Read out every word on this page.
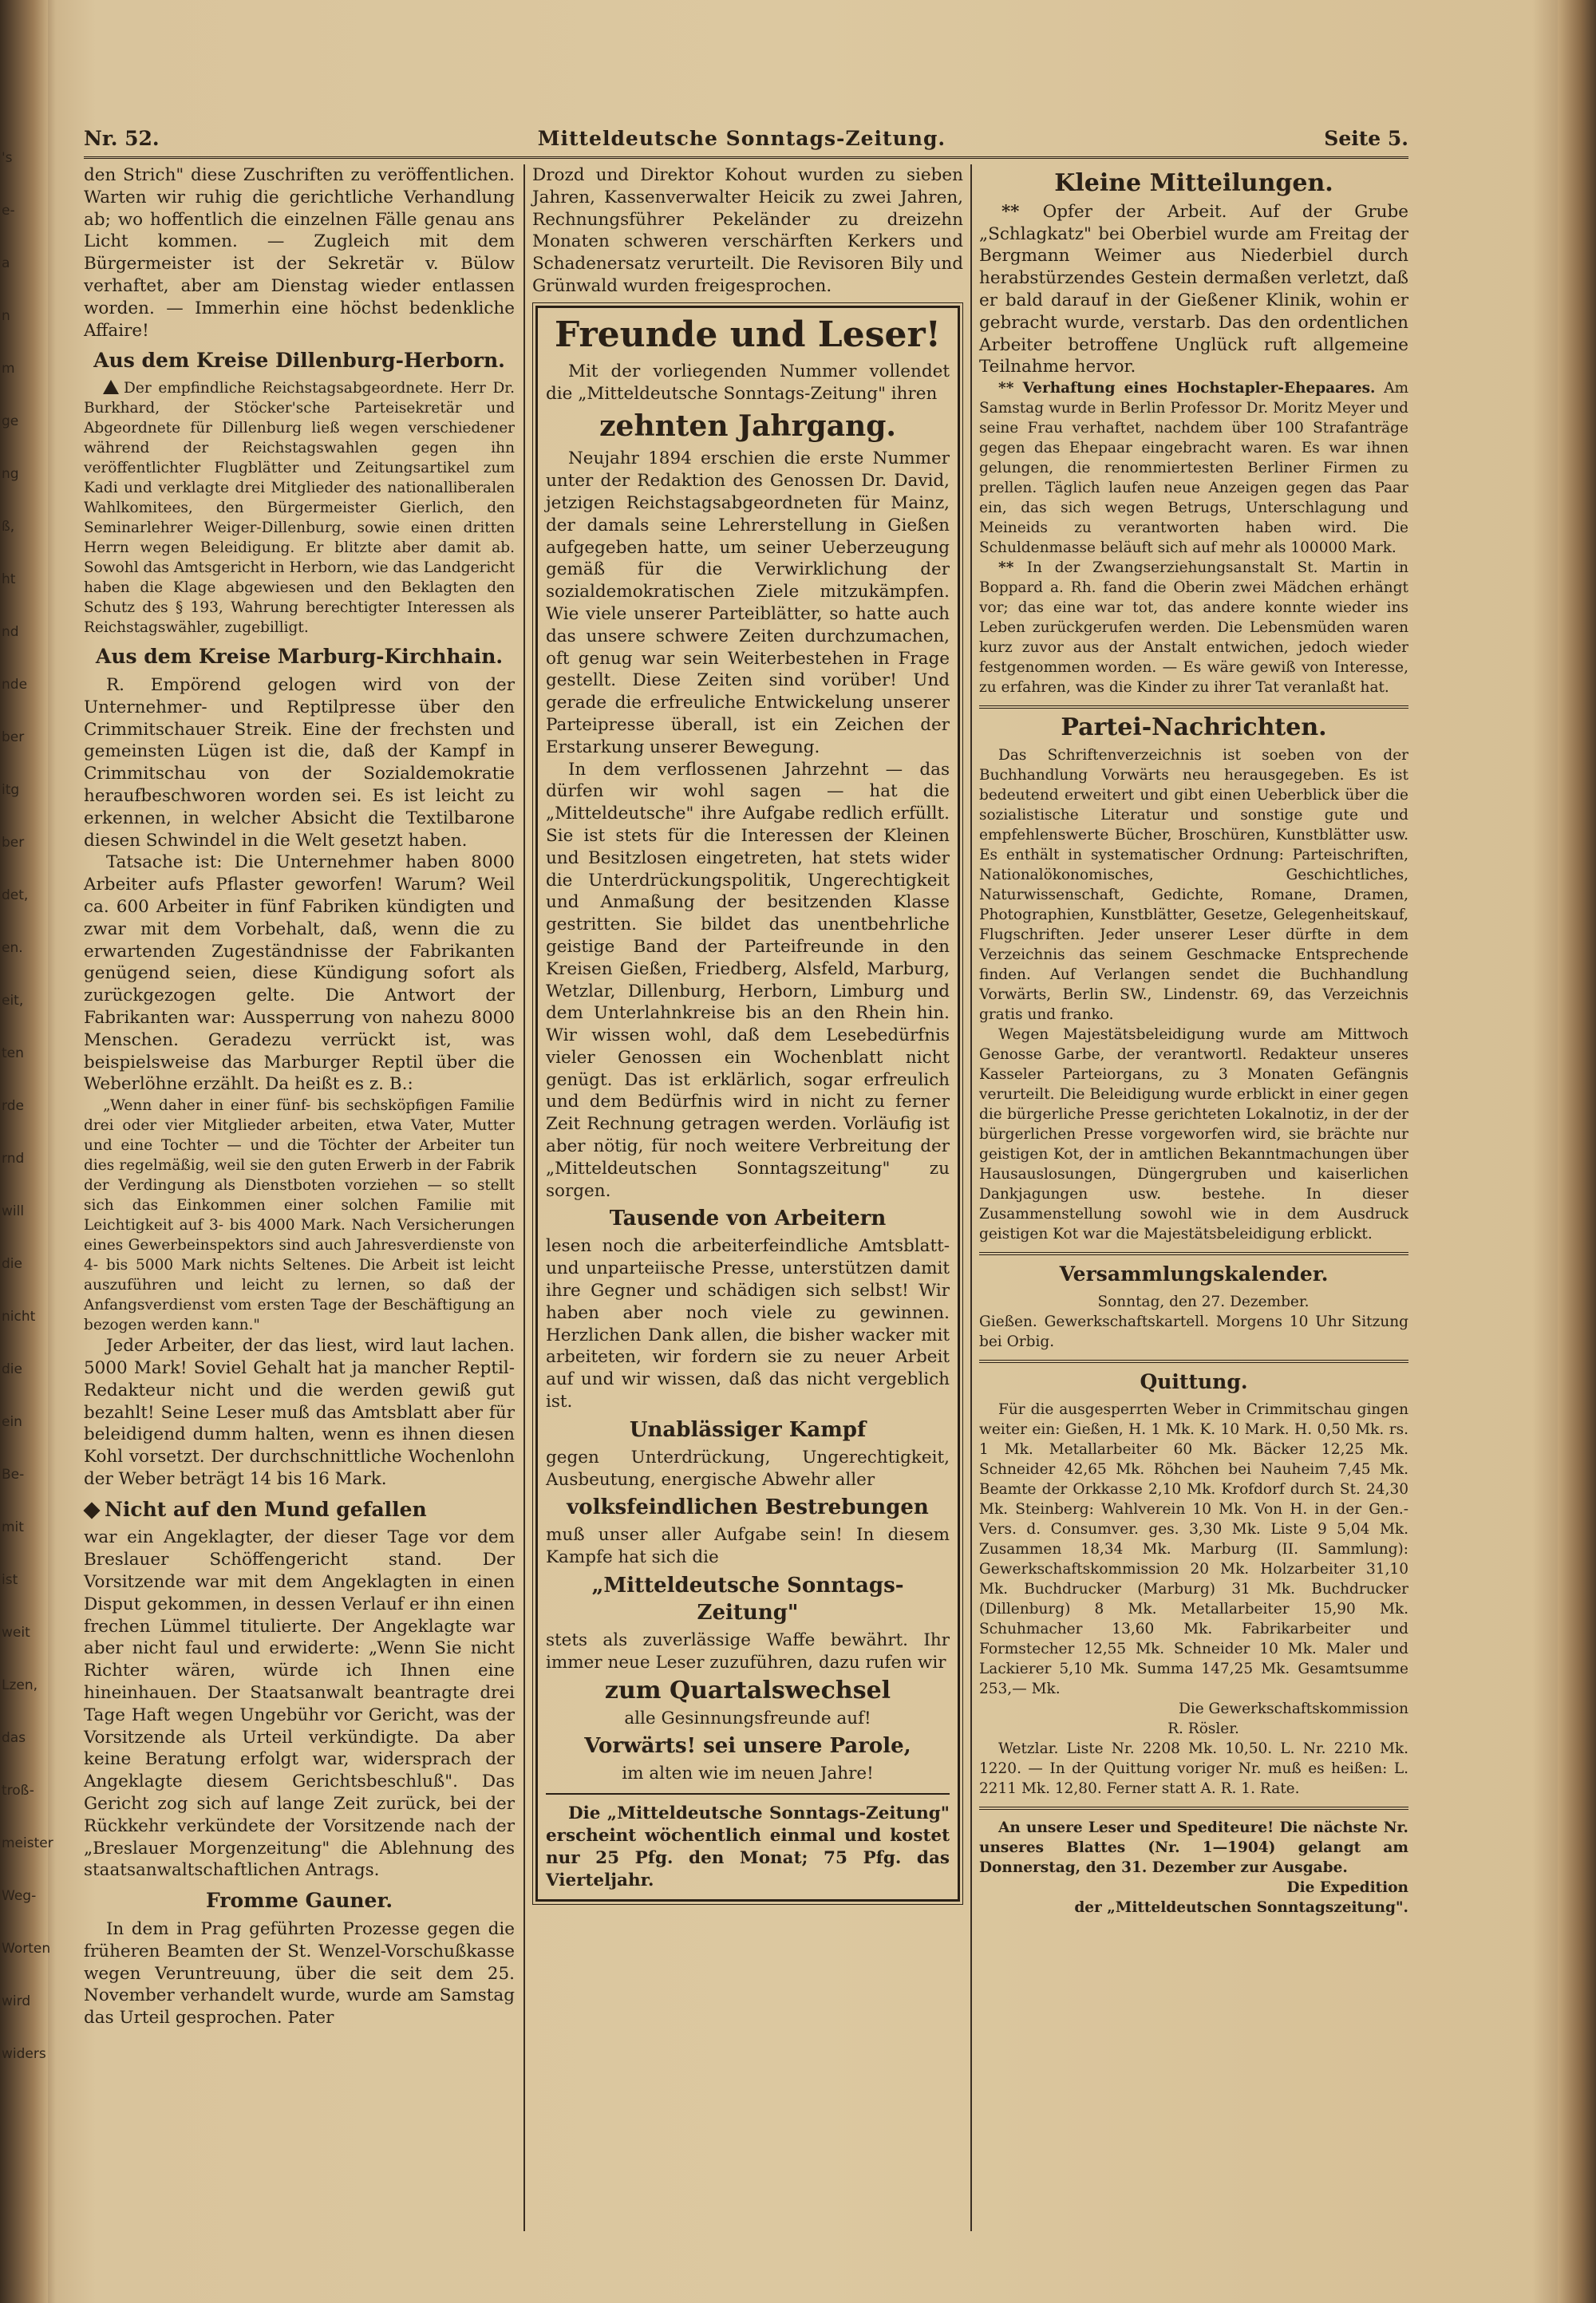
's
e-
a
n
m
ge
ng
ß,
ht
nd
nde
ber
itg
ber
det,
en.
eit,
ten
rde
rnd
will
die
nicht
die
ein
Be-
mit
ist
weit
Lzen,
das
troß-
meister
Weg-
Worten
wird
widers
Nr. 52.	Mitteldeutsche Sonntags-Zeitung.	Seite 5.

den Strich" diese Zuschriften zu veröffentlichen. Warten wir ruhig die gerichtliche Verhandlung ab; wo hoffentlich die einzelnen Fälle genau ans Licht kommen. — Zugleich mit dem Bürgermeister ist der Sekretär v. Bülow verhaftet, aber am Dienstag wieder entlassen worden. — Immerhin eine höchst bedenkliche Affaire!

Aus dem Kreise Dillenburg-Herborn.

Der empfindliche Reichstagsabgeordnete. Herr Dr. Burkhard, der Stöcker'sche Parteisekretär und Abgeordnete für Dillenburg ließ wegen verschiedener während der Reichstagswahlen gegen ihn veröffentlichter Flugblätter und Zeitungsartikel zum Kadi und verklagte drei Mitglieder des nationalliberalen Wahlkomitees, den Bürgermeister Gierlich, den Seminarlehrer Weiger-Dillenburg, sowie einen dritten Herrn wegen Beleidigung. Er blitzte aber damit ab. Sowohl das Amtsgericht in Herborn, wie das Landgericht haben die Klage abgewiesen und den Beklagten den Schutz des § 193, Wahrung berechtigter Interessen als Reichstagswähler, zugebilligt.

Aus dem Kreise Marburg-Kirchhain.

R. Empörend gelogen wird von der Unternehmer- und Reptilpresse über den Crimmitschauer Streik. Eine der frechsten und gemeinsten Lügen ist die, daß der Kampf in Crimmitschau von der Sozialdemokratie heraufbeschworen worden sei. Es ist leicht zu erkennen, in welcher Absicht die Textilbarone diesen Schwindel in die Welt gesetzt haben.

Tatsache ist: Die Unternehmer haben 8000 Arbeiter aufs Pflaster geworfen! Warum? Weil ca. 600 Arbeiter in fünf Fabriken kündigten und zwar mit dem Vorbehalt, daß, wenn die zu erwartenden Zugeständnisse der Fabrikanten genügend seien, diese Kündigung sofort als zurückgezogen gelte. Die Antwort der Fabrikanten war: Aussperrung von nahezu 8000 Menschen. Geradezu verrückt ist, was beispielsweise das Marburger Reptil über die Weberlöhne erzählt. Da heißt es z. B.:

„Wenn daher in einer fünf- bis sechsköpfigen Familie drei oder vier Mitglieder arbeiten, etwa Vater, Mutter und eine Tochter — und die Töchter der Arbeiter tun dies regelmäßig, weil sie den guten Erwerb in der Fabrik der Verdingung als Dienstboten vorziehen — so stellt sich das Einkommen einer solchen Familie mit Leichtigkeit auf 3- bis 4000 Mark. Nach Versicherungen eines Gewerbeinspektors sind auch Jahresverdienste von 4- bis 5000 Mark nichts Seltenes. Die Arbeit ist leicht auszuführen und leicht zu lernen, so daß der Anfangsverdienst vom ersten Tage der Beschäftigung an bezogen werden kann."

Jeder Arbeiter, der das liest, wird laut lachen. 5000 Mark! Soviel Gehalt hat ja mancher Reptil-Redakteur nicht und die werden gewiß gut bezahlt! Seine Leser muß das Amtsblatt aber für beleidigend dumm halten, wenn es ihnen diesen Kohl vorsetzt. Der durchschnittliche Wochenlohn der Weber beträgt 14 bis 16 Mark.

Nicht auf den Mund gefallen

war ein Angeklagter, der dieser Tage vor dem Breslauer Schöffengericht stand. Der Vorsitzende war mit dem Angeklagten in einen Disput gekommen, in dessen Verlauf er ihn einen frechen Lümmel titulierte. Der Angeklagte war aber nicht faul und erwiderte: „Wenn Sie nicht Richter wären, würde ich Ihnen eine hineinhauen. Der Staatsanwalt beantragte drei Tage Haft wegen Ungebühr vor Gericht, was der Vorsitzende als Urteil verkündigte. Da aber keine Beratung erfolgt war, widersprach der Angeklagte diesem Gerichtsbeschluß". Das Gericht zog sich auf lange Zeit zurück, bei der Rückkehr verkündete der Vorsitzende nach der „Breslauer Morgenzeitung" die Ablehnung des staatsanwaltschaftlichen Antrags.

Fromme Gauner.

In dem in Prag geführten Prozesse gegen die früheren Beamten der St. Wenzel-Vorschußkasse wegen Veruntreuung, über die seit dem 25. November verhandelt wurde, wurde am Samstag das Urteil gesprochen. Pater

Drozd und Direktor Kohout wurden zu sieben Jahren, Kassenverwalter Heicik zu zwei Jahren, Rechnungsführer Pekeländer zu dreizehn Monaten schweren verschärften Kerkers und Schadenersatz verurteilt. Die Revisoren Bily und Grünwald wurden freigesprochen.

Freunde und Leser!

Mit der vorliegenden Nummer vollendet die „Mitteldeutsche Sonntags-Zeitung" ihren

zehnten Jahrgang.

Neujahr 1894 erschien die erste Nummer unter der Redaktion des Genossen Dr. David, jetzigen Reichstagsabgeordneten für Mainz, der damals seine Lehrerstellung in Gießen aufgegeben hatte, um seiner Ueberzeugung gemäß für die Verwirklichung der sozialdemokratischen Ziele mitzukämpfen. Wie viele unserer Parteiblätter, so hatte auch das unsere schwere Zeiten durchzumachen, oft genug war sein Weiterbestehen in Frage gestellt. Diese Zeiten sind vorüber! Und gerade die erfreuliche Entwickelung unserer Parteipresse überall, ist ein Zeichen der Erstarkung unserer Bewegung.

In dem verflossenen Jahrzehnt — das dürfen wir wohl sagen — hat die „Mitteldeutsche" ihre Aufgabe redlich erfüllt. Sie ist stets für die Interessen der Kleinen und Besitzlosen eingetreten, hat stets wider die Unterdrückungspolitik, Ungerechtigkeit und Anmaßung der besitzenden Klasse gestritten. Sie bildet das unentbehrliche geistige Band der Parteifreunde in den Kreisen Gießen, Friedberg, Alsfeld, Marburg, Wetzlar, Dillenburg, Herborn, Limburg und dem Unterlahnkreise bis an den Rhein hin. Wir wissen wohl, daß dem Lesebedürfnis vieler Genossen ein Wochenblatt nicht genügt. Das ist erklärlich, sogar erfreulich und dem Bedürfnis wird in nicht zu ferner Zeit Rechnung getragen werden. Vorläufig ist aber nötig, für noch weitere Verbreitung der „Mitteldeutschen Sonntagszeitung" zu sorgen.

Tausende von Arbeitern

lesen noch die arbeiterfeindliche Amtsblatt- und unparteiische Presse, unterstützen damit ihre Gegner und schädigen sich selbst! Wir haben aber noch viele zu gewinnen. Herzlichen Dank allen, die bisher wacker mit arbeiteten, wir fordern sie zu neuer Arbeit auf und wir wissen, daß das nicht vergeblich ist.

Unablässiger Kampf

gegen Unterdrückung, Ungerechtigkeit, Ausbeutung, energische Abwehr aller

volksfeindlichen Bestrebungen

muß unser aller Aufgabe sein! In diesem Kampfe hat sich die

„Mitteldeutsche Sonntags-Zeitung"

stets als zuverlässige Waffe bewährt. Ihr immer neue Leser zuzuführen, dazu rufen wir

zum Quartalswechsel

alle Gesinnungsfreunde auf!

Vorwärts! sei unsere Parole,

im alten wie im neuen Jahre!

Die „Mitteldeutsche Sonntags-Zeitung" erscheint wöchentlich einmal und kostet nur 25 Pfg. den Monat; 75 Pfg. das Vierteljahr.

Kleine Mitteilungen.

** Opfer der Arbeit. Auf der Grube „Schlagkatz" bei Oberbiel wurde am Freitag der Bergmann Weimer aus Niederbiel durch herabstürzendes Gestein dermaßen verletzt, daß er bald darauf in der Gießener Klinik, wohin er gebracht wurde, verstarb. Das den ordentlichen Arbeiter betroffene Unglück ruft allgemeine Teilnahme hervor.

** Verhaftung eines Hochstapler-Ehepaares. Am Samstag wurde in Berlin Professor Dr. Moritz Meyer und seine Frau verhaftet, nachdem über 100 Strafanträge gegen das Ehepaar eingebracht waren. Es war ihnen gelungen, die renommiertesten Berliner Firmen zu prellen. Täglich laufen neue Anzeigen gegen das Paar ein, das sich wegen Betrugs, Unterschlagung und Meineids zu verantworten haben wird. Die Schuldenmasse beläuft sich auf mehr als 100000 Mark.

** In der Zwangserziehungsanstalt St. Martin in Boppard a. Rh. fand die Oberin zwei Mädchen erhängt vor; das eine war tot, das andere konnte wieder ins Leben zurückgerufen werden. Die Lebensmüden waren kurz zuvor aus der Anstalt entwichen, jedoch wieder festgenommen worden. — Es wäre gewiß von Interesse, zu erfahren, was die Kinder zu ihrer Tat veranlaßt hat.

Partei-Nachrichten.

Das Schriftenverzeichnis ist soeben von der Buchhandlung Vorwärts neu herausgegeben. Es ist bedeutend erweitert und gibt einen Ueberblick über die sozialistische Literatur und sonstige gute und empfehlenswerte Bücher, Broschüren, Kunstblätter usw. Es enthält in systematischer Ordnung: Parteischriften, Nationalökonomisches, Geschichtliches, Naturwissenschaft, Gedichte, Romane, Dramen, Photographien, Kunstblätter, Gesetze, Gelegenheitskauf, Flugschriften. Jeder unserer Leser dürfte in dem Verzeichnis das seinem Geschmacke Entsprechende finden. Auf Verlangen sendet die Buchhandlung Vorwärts, Berlin SW., Lindenstr. 69, das Verzeichnis gratis und franko.

Wegen Majestätsbeleidigung wurde am Mittwoch Genosse Garbe, der verantwortl. Redakteur unseres Kasseler Parteiorgans, zu 3 Monaten Gefängnis verurteilt. Die Beleidigung wurde erblickt in einer gegen die bürgerliche Presse gerichteten Lokalnotiz, in der der bürgerlichen Presse vorgeworfen wird, sie brächte nur geistigen Kot, der in amtlichen Bekanntmachungen über Hausauslosungen, Düngergruben und kaiserlichen Dankjagungen usw. bestehe. In dieser Zusammenstellung sowohl wie in dem Ausdruck geistigen Kot war die Majestätsbeleidigung erblickt.

Versammlungskalender.

Sonntag, den 27. Dezember.

Gießen. Gewerkschaftskartell. Morgens 10 Uhr Sitzung bei Orbig.

Quittung.

Für die ausgesperrten Weber in Crimmitschau gingen weiter ein: Gießen, H. 1 Mk. K. 10 Mark. H. 0,50 Mk. rs. 1 Mk. Metallarbeiter 60 Mk. Bäcker 12,25 Mk. Schneider 42,65 Mk. Röhchen bei Nauheim 7,45 Mk. Beamte der Orkkasse 2,10 Mk. Krofdorf durch St. 24,30 Mk. Steinberg: Wahlverein 10 Mk. Von H. in der Gen.-Vers. d. Consumver. ges. 3,30 Mk. Liste 9 5,04 Mk. Zusammen 18,34 Mk. Marburg (II. Sammlung): Gewerkschaftskommission 20 Mk. Holzarbeiter 31,10 Mk. Buchdrucker (Marburg) 31 Mk. Buchdrucker (Dillenburg) 8 Mk. Metallarbeiter 15,90 Mk. Schuhmacher 13,60 Mk. Fabrikarbeiter und Formstecher 12,55 Mk. Schneider 10 Mk. Maler und Lackierer 5,10 Mk. Summa 147,25 Mk. Gesamtsumme 253,— Mk.

Die Gewerkschaftskommission

R. Rösler.

Wetzlar. Liste Nr. 2208 Mk. 10,50. L. Nr. 2210 Mk. 1220. — In der Quittung voriger Nr. muß es heißen: L. 2211 Mk. 12,80. Ferner statt A. R. 1. Rate.

An unsere Leser und Spediteure! Die nächste Nr. unseres Blattes (Nr. 1—1904) gelangt am Donnerstag, den 31. Dezember zur Ausgabe.

Die Expedition

der „Mitteldeutschen Sonntagszeitung".
